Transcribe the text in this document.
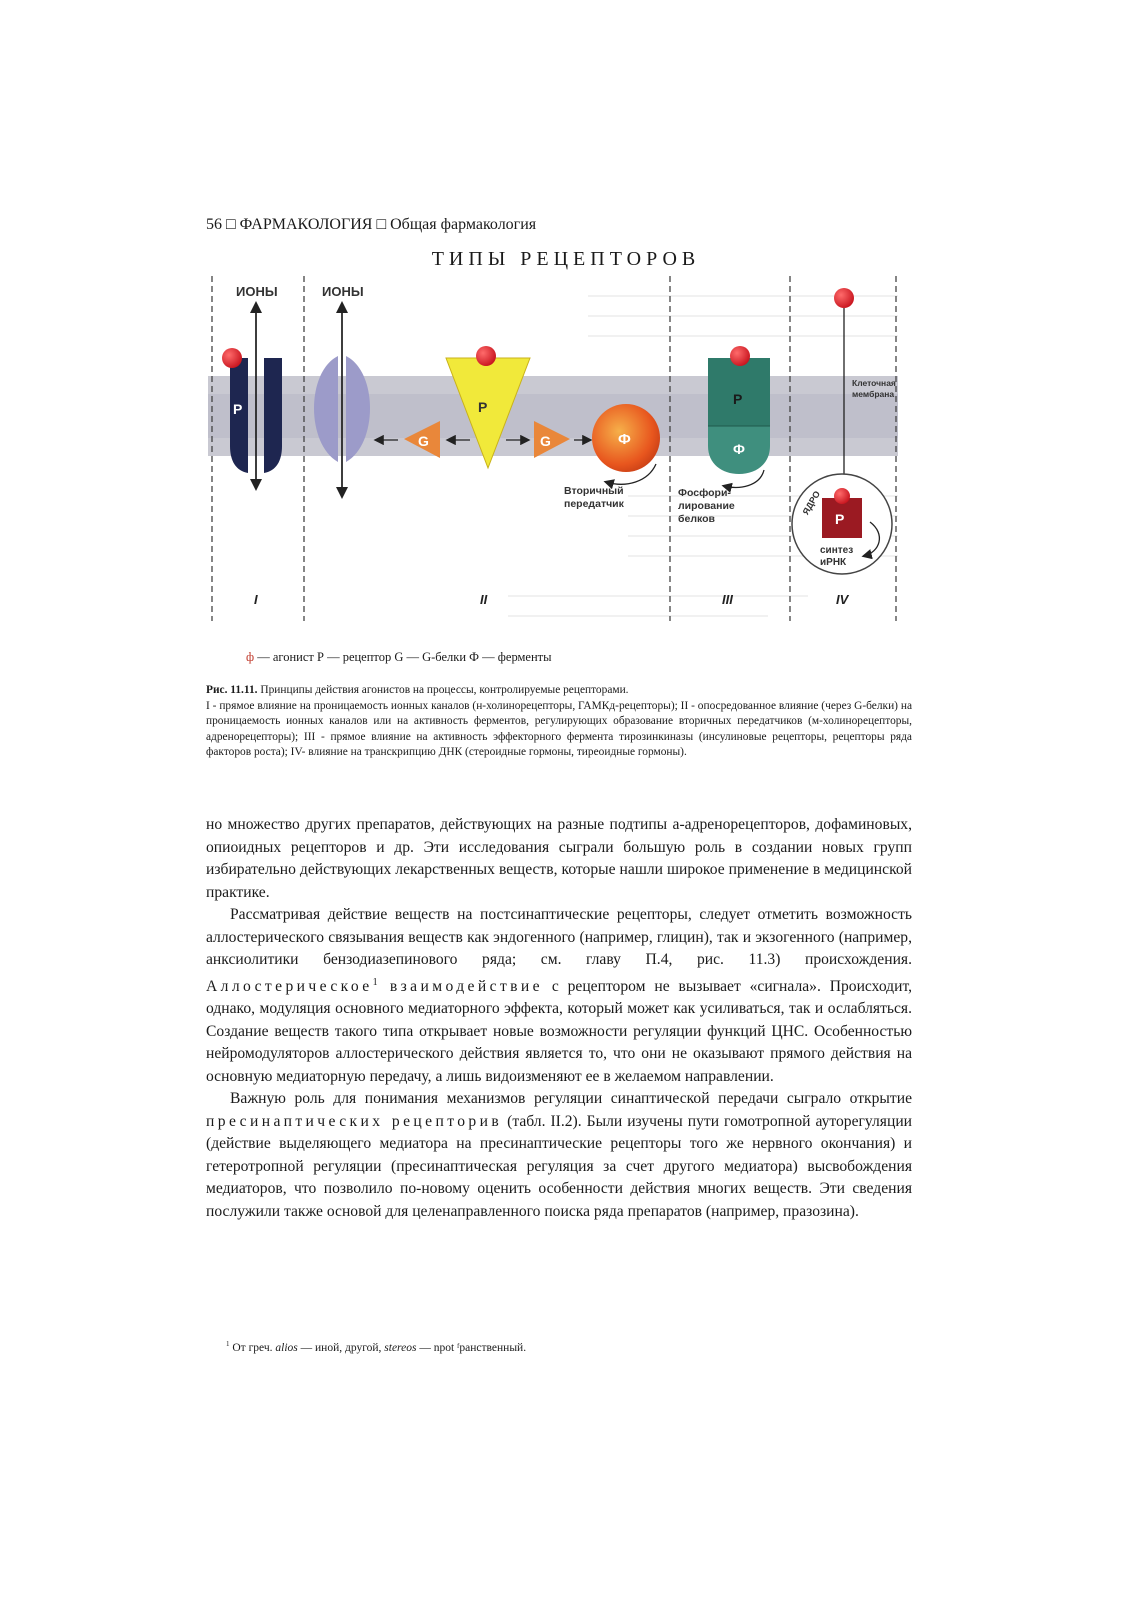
56 □ ФАРМАКОЛОГИЯ □ Общая фармакология
ТИПЫ РЕЦЕПТОРОВ
ИОНЫ
Р
I
ИОНЫ
Р
G	G	Ф
Вторичный передатчик
II
Р
Ф
Фосфори- лирование белков
III
Клеточная мембрана
ЯДРО
Р
синтез иРНК
IV
ф — агонист Р — рецептор G — G-белки Ф — ферменты
Рис. 11.11. Принципы действия агонистов на процессы, контролируемые рецепторами.
I - прямое влияние на проницаемость ионных каналов (н-холинорецепторы, ГАМКд-рецепторы); II - опосредованное влияние (через G-белки) на проницаемость ионных каналов или на активность ферментов, регулирующих образование вторичных передатчиков (м-холинорецепторы, адренорецепторы); III - прямое влияние на активность эффекторного фермента тирозинкиназы (инсулиновые рецепторы, рецепторы ряда факторов роста); IV- влияние на транскрипцию ДНК (стероидные гормоны, тиреоидные гормоны).

но множество других препаратов, действующих на разные подтипы а-адренорецепторов, дофаминовых, опиоидных рецепторов и др. Эти исследования сыграли большую роль в создании новых групп избирательно действующих лекарственных веществ, которые нашли широкое применение в медицинской практике.

Рассматривая действие веществ на постсинаптические рецепторы, следует отметить возможность аллостерического связывания веществ как эндогенного (например, глицин), так и экзогенного (например, анксиолитики бензодиазепинового ряда; см. главу П.4, рис. 11.3) происхождения. Аллостерическое$^1$ взаимодействие с рецептором не вызывает «сигнала». Происходит, однако, модуляция основного медиаторного эффекта, который может как усиливаться, так и ослабляться. Создание веществ такого типа открывает новые возможности регуляции функций ЦНС. Особенностью нейромодуляторов аллостерического действия является то, что они не оказывают прямого действия на основную медиаторную передачу, а лишь видоизменяют ее в желаемом направлении.

Важную роль для понимания механизмов регуляции синаптической передачи сыграло открытие пресинаптических рецепторив (табл. II.2). Были изучены пути гомотропной ауторегуляции (действие выделяющего медиатора на пресинаптические рецепторы того же нервного окончания) и гетеротропной регуляции (пресинаптическая регуляция за счет другого медиатора) высвобождения медиаторов, что позволило по-новому оценить особенности действия многих веществ. Эти сведения послужили также основой для целенаправленного поиска ряда препаратов (например, празозина).

$^1$ От греч. alios — иной, другой, stereos — npot ᶠранственный.
